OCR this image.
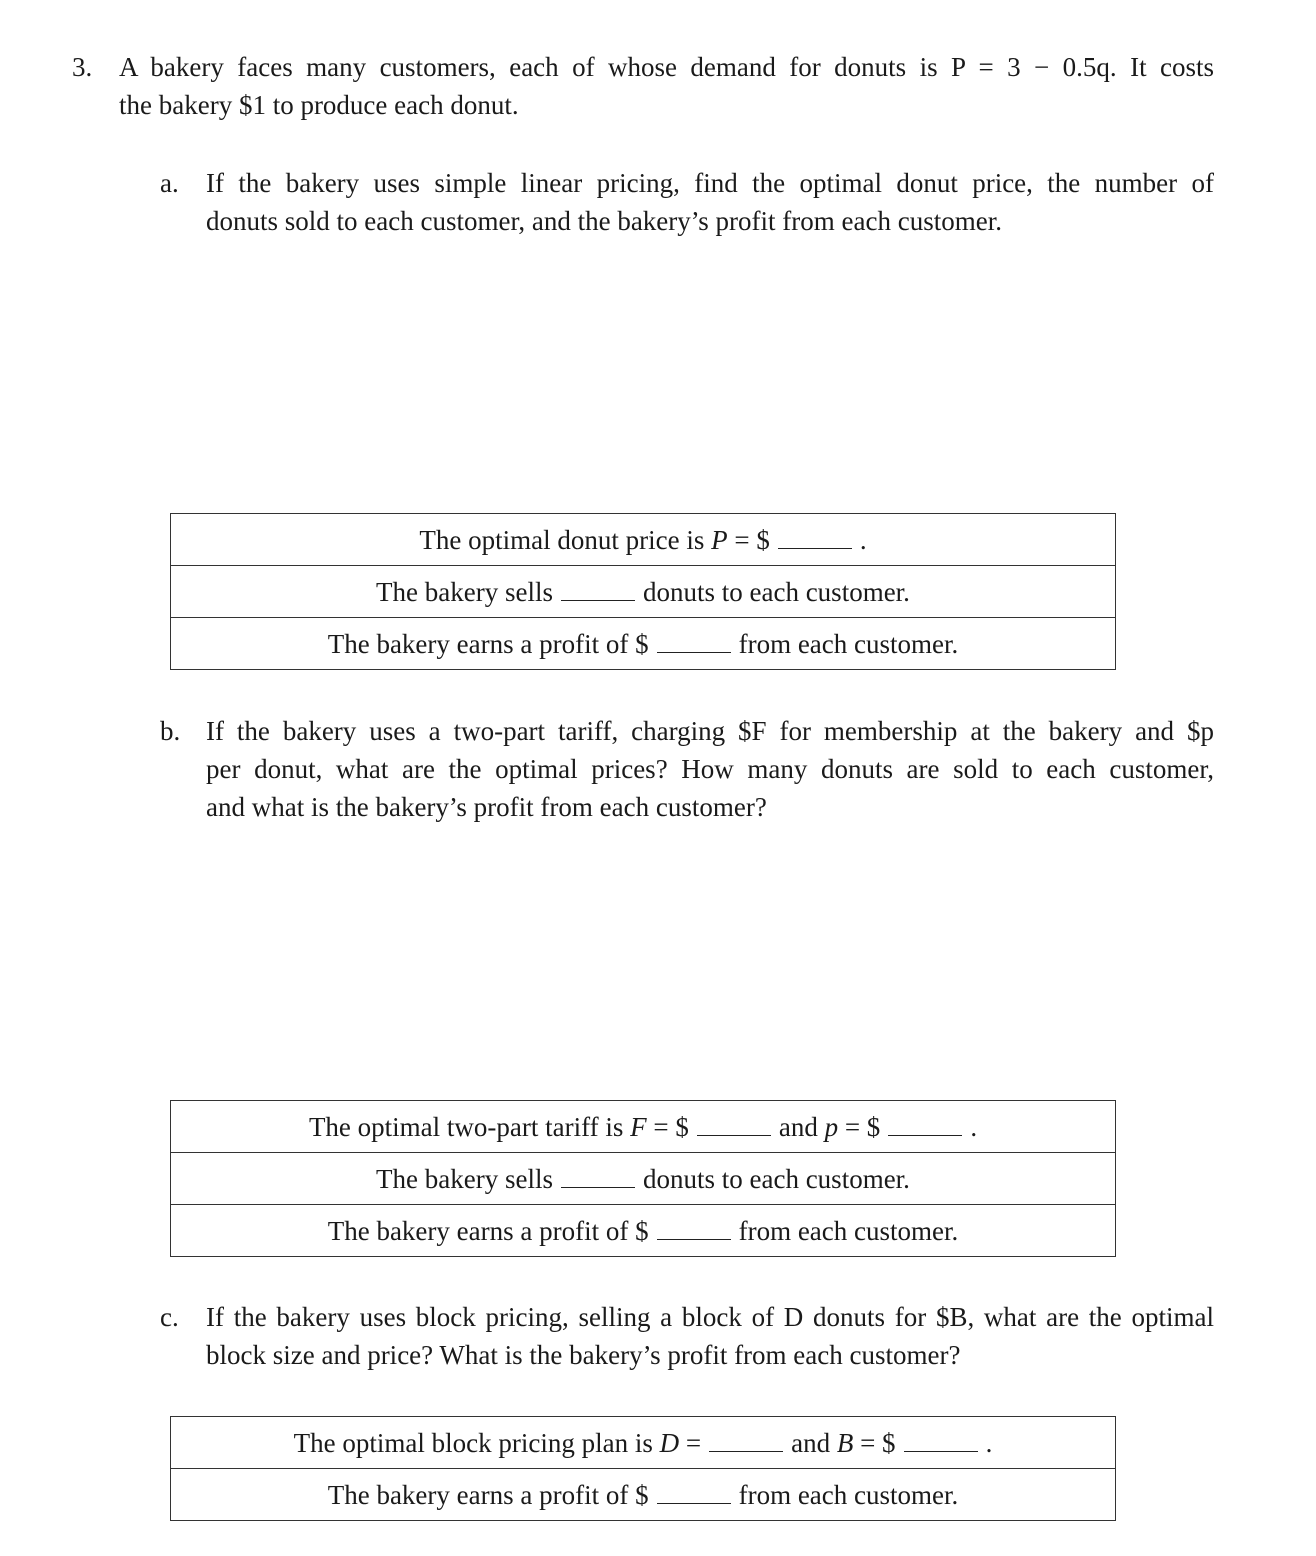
3. A bakery faces many customers, each of whose demand for donuts is P = 3 − 0.5q. It costs
the bakery $1 to produce each donut.
a. If the bakery uses simple linear pricing, find the optimal donut price, the number of
donuts sold to each customer, and the bakery’s profit from each customer.
The optimal donut price is P = $	.
The bakery sells	donuts to each customer.
The bakery earns a profit of $	from each customer.
b. If the bakery uses a two-part tariff, charging $F for membership at the bakery and $p
per donut, what are the optimal prices? How many donuts are sold to each customer,
and what is the bakery’s profit from each customer?
The optimal two-part tariff is F = $	and p = $	.
The bakery sells	donuts to each customer.
The bakery earns a profit of $	from each customer.
c. If the bakery uses block pricing, selling a block of D donuts for $B, what are the optimal
block size and price? What is the bakery’s profit from each customer?
The optimal block pricing plan is D =	and B = $	.
The bakery earns a profit of $	from each customer.
